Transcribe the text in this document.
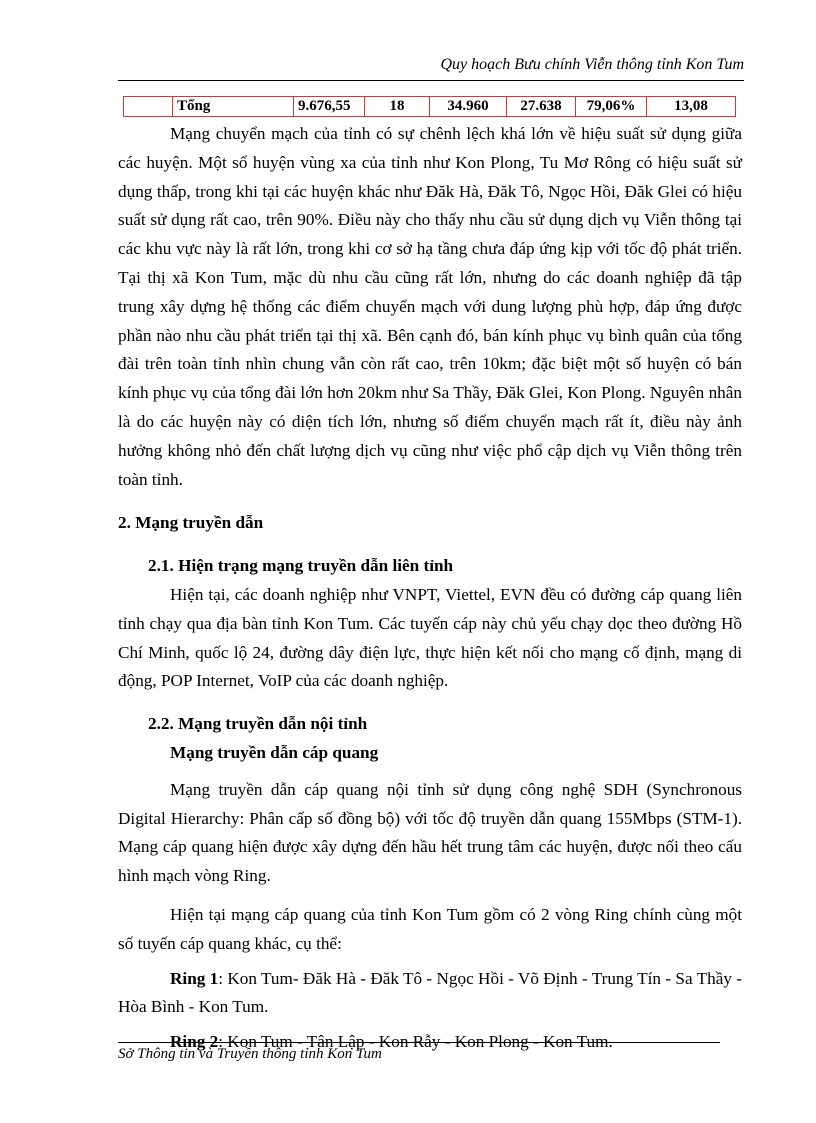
Quy hoạch Bưu chính Viễn thông tỉnh Kon Tum
	Tổng	9.676,55	18	34.960	27.638	79,06%	13,08

Mạng chuyển mạch của tỉnh có sự chênh lệch khá lớn về hiệu suất sử dụng giữa các huyện. Một số huyện vùng xa của tỉnh như Kon Plong, Tu Mơ Rông có hiệu suất sử dụng thấp, trong khi tại các huyện khác như Đăk Hà, Đăk Tô, Ngọc Hồi, Đăk Glei có hiệu suất sử dụng rất cao, trên 90%. Điều này cho thấy nhu cầu sử dụng dịch vụ Viễn thông tại các khu vực này là rất lớn, trong khi cơ sở hạ tầng chưa đáp ứng kịp với tốc độ phát triển. Tại thị xã Kon Tum, mặc dù nhu cầu cũng rất lớn, nhưng do các doanh nghiệp đã tập trung xây dựng hệ thống các điểm chuyển mạch với dung lượng phù hợp, đáp ứng được phần nào nhu cầu phát triển tại thị xã. Bên cạnh đó, bán kính phục vụ bình quân của tổng đài trên toàn tỉnh nhìn chung vẫn còn rất cao, trên 10km; đặc biệt một số huyện có bán kính phục vụ của tổng đài lớn hơn 20km như Sa Thầy, Đăk Glei, Kon Plong. Nguyên nhân là do các huyện này có diện tích lớn, nhưng số điểm chuyển mạch rất ít, điều này ảnh hưởng không nhỏ đến chất lượng dịch vụ cũng như việc phổ cập dịch vụ Viễn thông trên toàn tỉnh.

2. Mạng truyền dẫn

2.1. Hiện trạng mạng truyền dẫn liên tỉnh

Hiện tại, các doanh nghiệp như VNPT, Viettel, EVN đều có đường cáp quang liên tỉnh chạy qua địa bàn tỉnh Kon Tum. Các tuyến cáp này chủ yếu chạy dọc theo đường Hồ Chí Minh, quốc lộ 24, đường dây điện lực, thực hiện kết nối cho mạng cố định, mạng di động, POP Internet, VoIP của các doanh nghiệp.

2.2. Mạng truyền dẫn nội tỉnh

Mạng truyền dẫn cáp quang

Mạng truyền dẫn cáp quang nội tỉnh sử dụng công nghệ SDH (Synchronous Digital Hierarchy: Phân cấp số đồng bộ) với tốc độ truyền dẫn quang 155Mbps (STM-1). Mạng cáp quang hiện được xây dựng đến hầu hết trung tâm các huyện, được nối theo cấu hình mạch vòng Ring.

Hiện tại mạng cáp quang của tỉnh Kon Tum gồm có 2 vòng Ring chính cùng một số tuyến cáp quang khác, cụ thể:

Ring 1: Kon Tum- Đăk Hà - Đăk Tô - Ngọc Hồi - Võ Định - Trung Tín - Sa Thầy - Hòa Bình - Kon Tum.

Ring 2: Kon Tum - Tân Lập - Kon Rẫy - Kon Plong - Kon Tum.

Sở Thông tin và Truyền thông tỉnh Kon Tum
